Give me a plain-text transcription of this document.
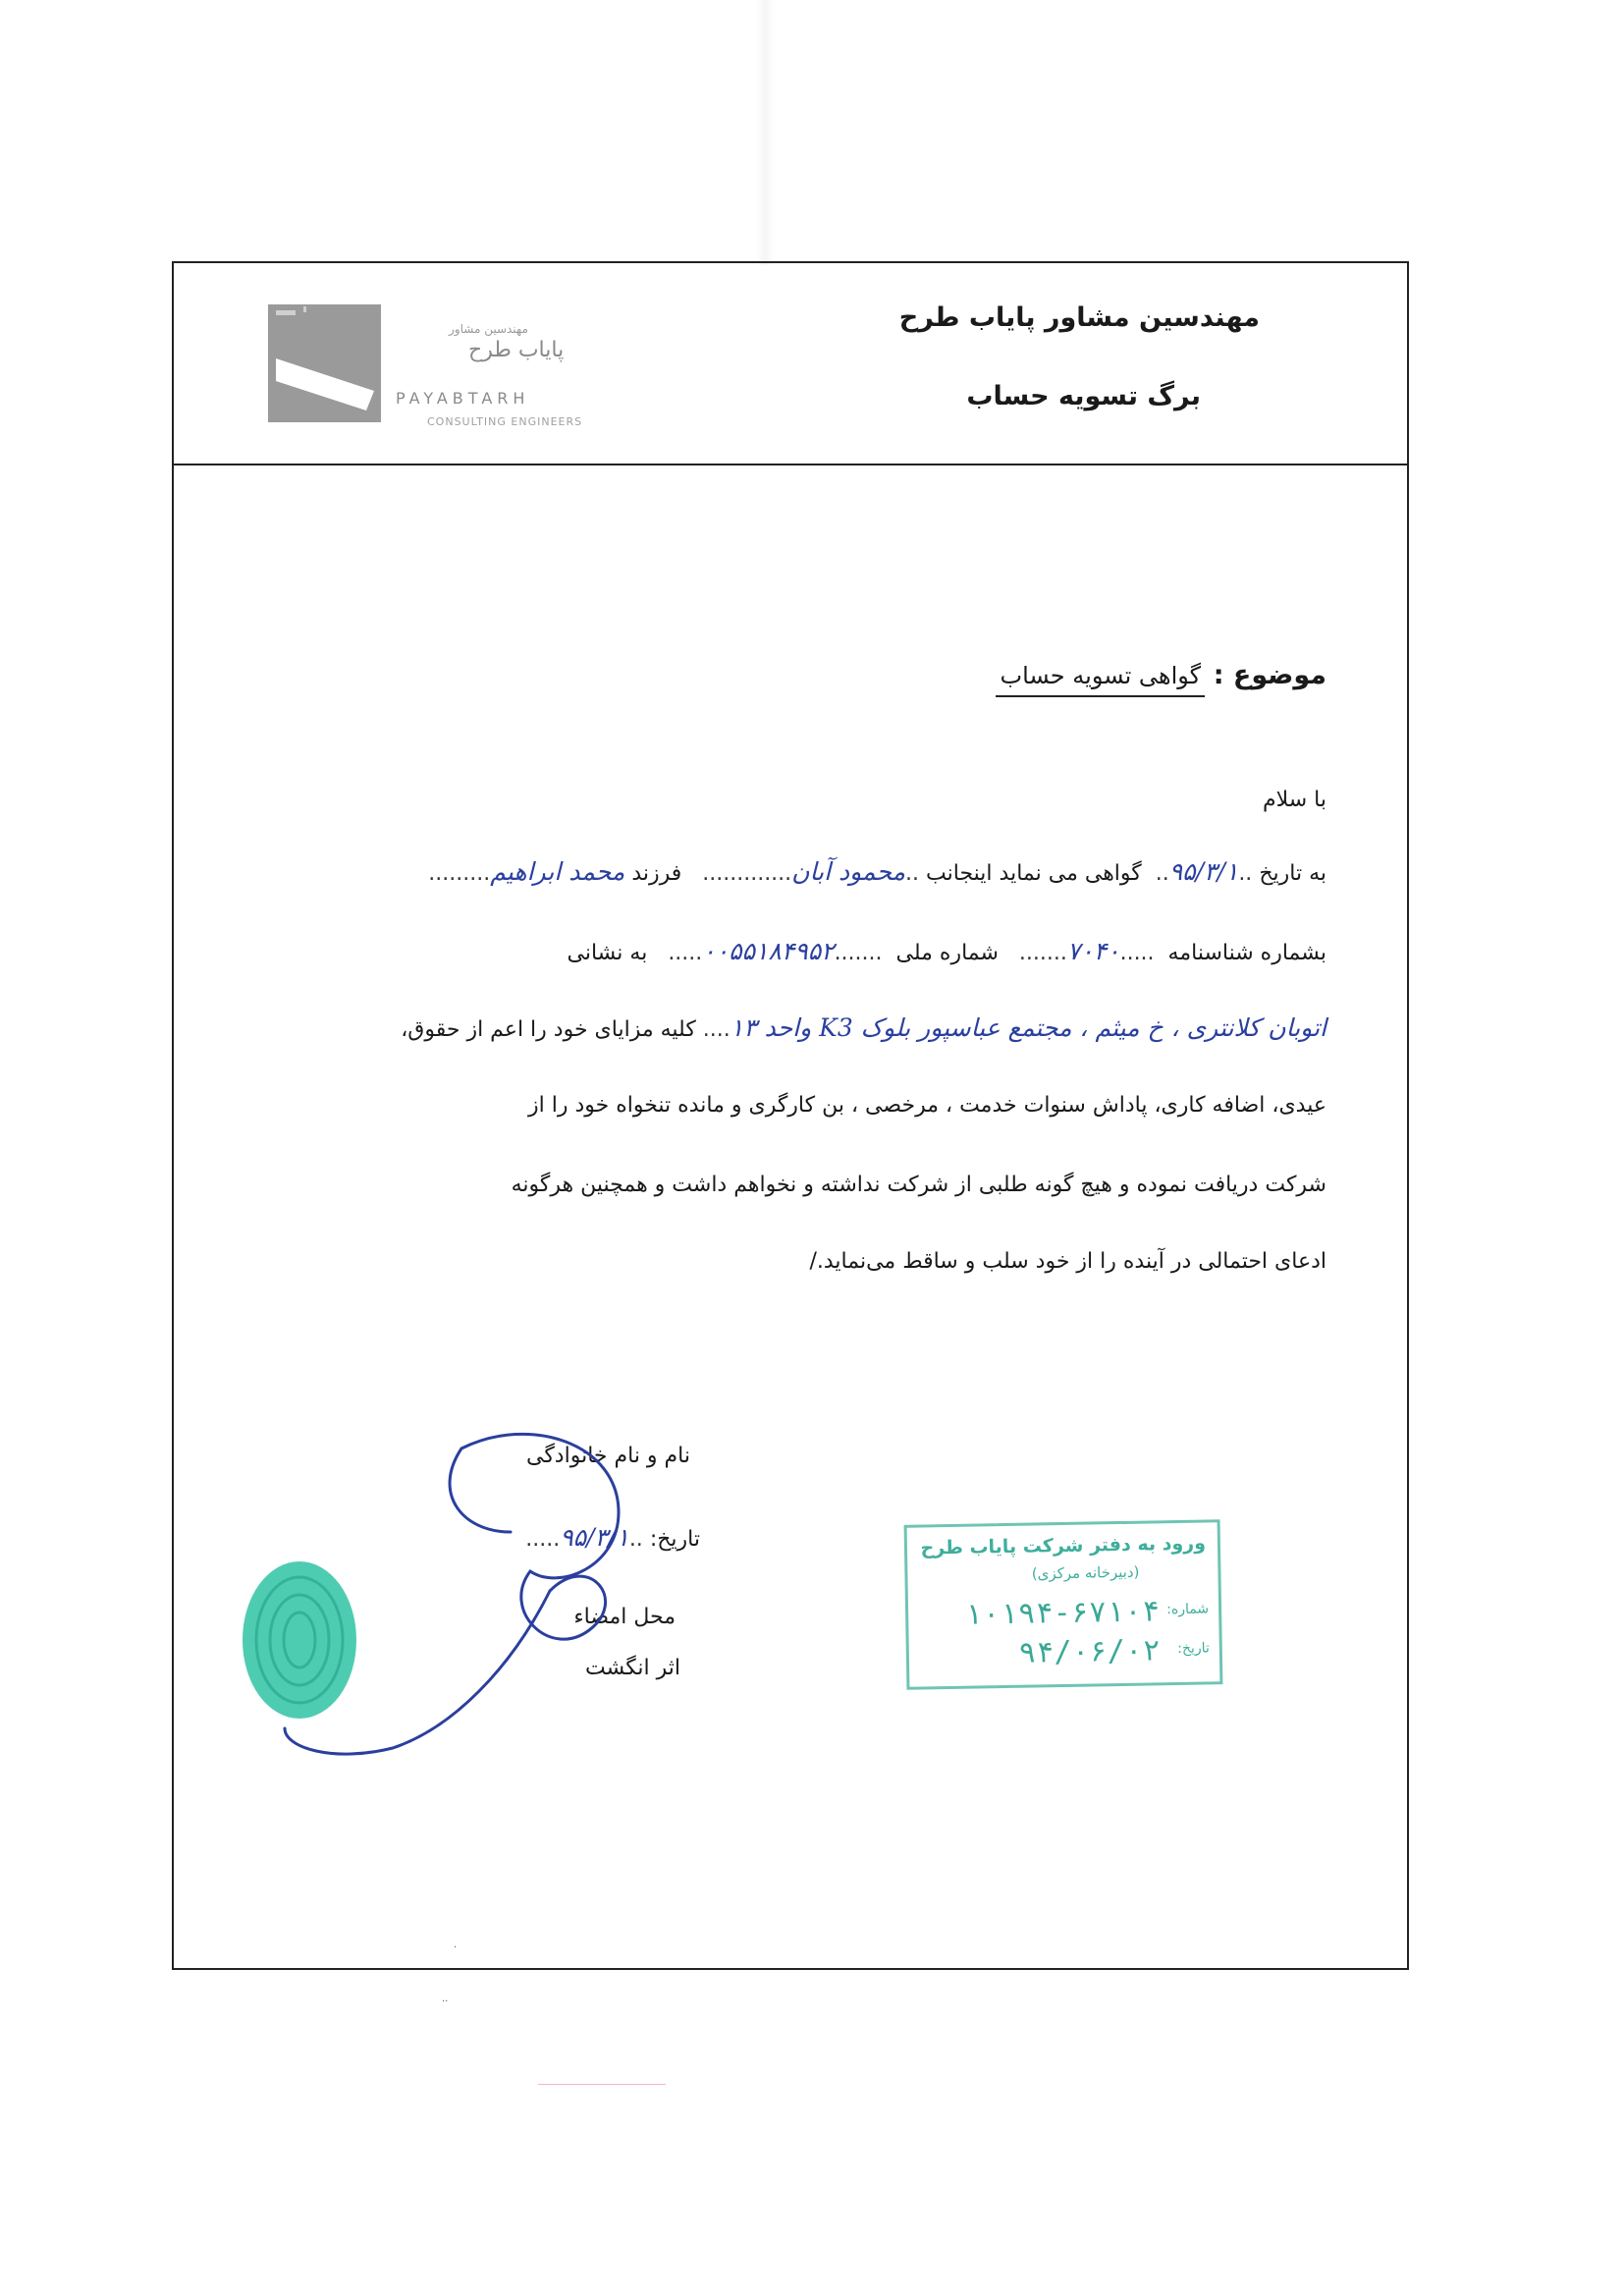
مهندسین مشاور
پایاب طرح
PAYABTARH
CONSULTING ENGINEERS
مهندسین مشاور پایاب طرح
برگ تسویه حساب
موضوع : گواهی تسویه حساب
با سلام
به تاریخ ..۹۵/۳/۱..  گواهی می نماید اینجانب ..محمود آبان.............   فرزند محمد ابراهیم.........
بشماره شناسنامه  .....۷۰۴۰.......   شماره ملی  .......۰۰۵۵۱۸۴۹۵۲.....   به نشانی
اتوبان کلانتری ، خ میثم ، مجتمع عباسپور بلوک K3 واحد ۱۳.... کلیه مزایای خود را اعم از حقوق،
عیدی، اضافه کاری، پاداش سنوات خدمت ، مرخصی ، بن کارگری و مانده تنخواه خود را از
شرکت دریافت نموده و هیچ گونه طلبی از شرکت نداشته و نخواهم داشت و همچنین هرگونه
ادعای احتمالی در آینده را از خود سلب و ساقط می‌نماید./
نام و نام خانوادگی
تاریخ: ..۹۵/۳/۱.....
محل امضاء
اثر انگشت
ورود به دفتر شرکت پایاب طرح
(دبیرخانه مرکزی)
شماره:
تاریخ:
۱۰۱۹۴-۶۷۱۰۴
۹۴/۰۶/۰۲
.
..
